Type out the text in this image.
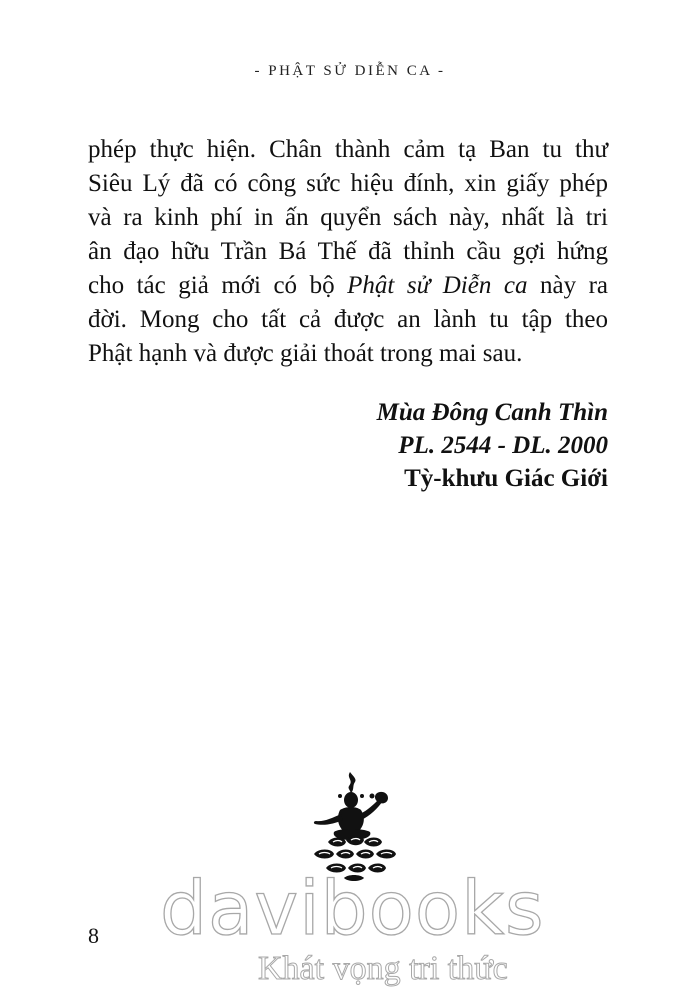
- PHẬT SỬ DIỄN CA -
phép thực hiện. Chân thành cảm tạ Ban tu thư
Siêu Lý đã có công sức hiệu đính, xin giấy phép
và ra kinh phí in ấn quyển sách này, nhất là tri
ân đạo hữu Trần Bá Thế đã thỉnh cầu gợi hứng
cho tác giả mới có bộ Phật sử Diễn ca này ra
đời. Mong cho tất cả được an lành tu tập theo
Phật hạnh và được giải thoát trong mai sau.
Mùa Đông Canh Thìn
PL. 2544 - DL. 2000
Tỳ-khưu Giác Giới
8 davibooks
Khát vọng tri thức
